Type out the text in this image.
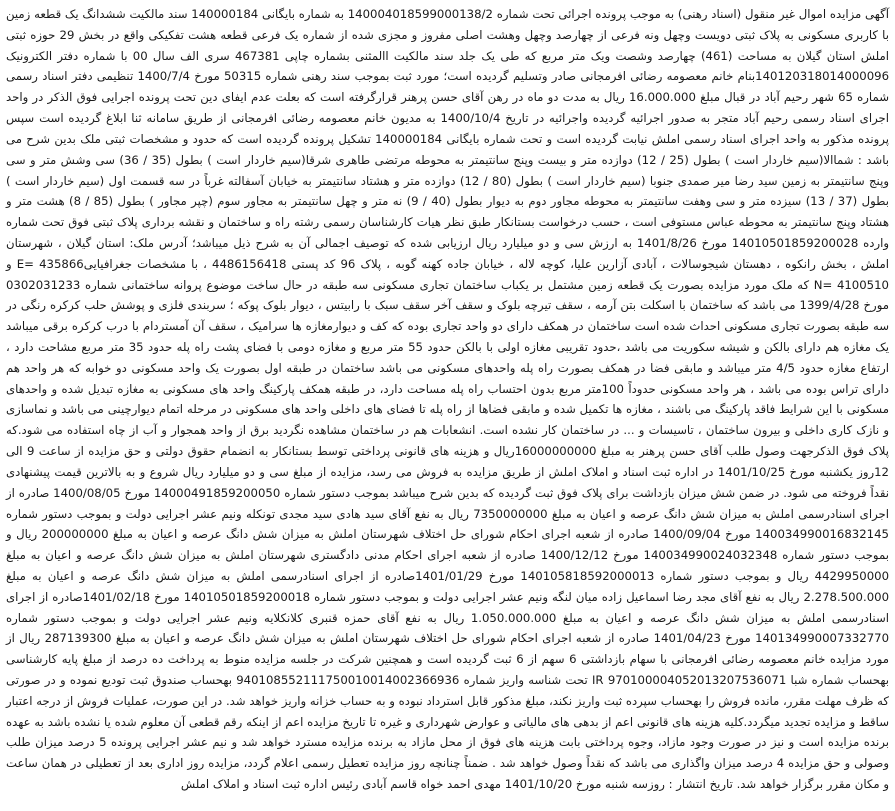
آگهی مزایده اموال غیر منقول (اسناد رهنی) به موجب پرونده اجرائی تحت شماره 140004018599000138/2 به شماره بایگانی 140000184 سند مالکیت ششدانگ یک قطعه زمین با کاربری مسکونی به پلاک ثبتی دویست وچهل ونه فرعی از چهارصد وچهل وهشت اصلی مفروز و مجزی شده از شماره یک فرعی قطعه هشت تفکیکی واقع در بخش 29 حوزه ثبتی املش استان گیلان به مساحت (461) چهارصد وشصت ویک متر مربع که طی یک جلد سند مالکیت االمثنی بشماره چاپی 467381 سری الف سال 00 با شماره دفتر الکترونیک 140120318014000096بنام خانم معصومه رضائی افرمجانی صادر وتسلیم گردیده است؛ مورد ثبت بموجب سند رهنی شماره 50315 مورخ 1400/7/4 تنظیمی دفتر اسناد رسمی شماره 65 شهر رحیم آباد در قبال مبلغ 16.000.000 ریال به مدت دو ماه در رهن آقای حسن پرهنر قرارگرفته است که بعلت عدم ایفای دین تحت پرونده اجرایی فوق الذکر در واحد اجرای اسناد رسمی رحیم آباد متجر به صدور اجرائیه گردیده واجرائیه در تاریخ 1400/10/4 به مدیون خانم معصومه رضائی افرمجانی از طریق سامانه ثنا ابلاغ گردیده است سپس پرونده مذکور به واحد اجرای اسناد رسمی املش نیابت گردیده است و تحت شماره بایگانی 140000184 تشکیل پرونده گردیده است که حدود و مشخصات ثبتی ملک بدین شرح می باشد : شماالا(سیم خاردار است ) بطول (25 / 12) دوازده متر و بیست وپنج سانتیمتر به محوطه مرتضی طاهری شرقا(سیم خاردار است ) بطول (35 / 36) سی وشش متر و سی وپنج سانتیمتر به زمین سید رضا میر صمدی جنوبا (سیم خاردار است ) بطول (80 / 12) دوازده متر و هشتاد سانتیمتر به خیابان آسفالته غرباً در سه قسمت اول (سیم خاردار است ) بطول (37 / 13) سیزده متر و سی وهفت سانتیمتر به محوطه مجاور دوم به دیوار بطول (40 / 9) نه متر و چهل سانتیمتر به مجاور سوم (چپر مجاور ) بطول (85 / 8) هشت متر و هشتاد وپنج سانتیمتر به محوطه عباس مستوفی است ، حسب درخواست بستانکار طبق نظر هیات کارشناسان رسمی رشته راه و ساختمان و نقشه برداری پلاک ثبتی فوق تحت شماره وارده 14010501859200028 مورخ 1401/8/26 به ارزش سی و دو میلیارد ریال ارزیابی شده که توصیف اجمالی آن به شرح ذیل میباشد؛ آدرس ملک: استان گیلان ، شهرستان املش ، بخش رانکوه ، دهستان شیجوسالات ، آبادی آزارین علیا، کوچه لاله ، خیابان جاده کهنه گوبه ، پلاک 96 کد پستی 4486156418 ، با مشخصات جغرافیایی435866 =E و 4100510 =N که ملک مورد مزایده بصورت یک قطعه زمین مشتمل بر یکباب ساختمان تجاری مسکونی سه طبقه در حال ساخت موضوع پروانه ساختمانی شماره 0302031233 مورخ 1399/4/28 می باشد که ساختمان با اسکلت بتن آرمه ، سقف تیرچه بلوک و سقف آخر سقف سبک با رابیتس ، دیوار بلوک پوکه ؛ سربندی فلزی و پوشش حلب کرکره رنگی در سه طبقه بصورت تجاری مسکونی احداث شده است ساختمان در همکف دارای دو واحد تجاری بوده که کف و دیوارمغازه ها سرامیک ، سقف آن آمستردام با درب کرکره برقی میباشد یک مغازه هم دارای بالکن و شیشه سکوریت می باشد ،حدود تقریبی مغازه اولی با بالکن حدود 55 متر مربع و مغازه دومی با فضای پشت راه پله حدود 35 متر مربع مشاحت دارد ، ارتفاع مغازه حدود 4/5 متر میباشد و مابقی فضا در همکف بصورت راه پله واحدهای مسکونی می باشد ساختمان در طبقه اول بصورت یک واحد مسکونی دو خوابه که هر واحد هم دارای تراس بوده می باشد ، هر واحد مسکونی حدوداً 100متر مربع بدون احتساب راه پله مساحت دارد، در طبقه همکف پارکینگ واحد های مسکونی به مغازه تبدیل شده و واحدهای مسکونی با این شرایط فاقد پارکینگ می باشند ، مغازه ها تکمیل شده و مابقی فضاها از راه پله تا فضای های داخلی واحد های مسکونی در مرحله اتمام دیوارچینی می باشد و نماسازی و نازک کاری داخلی و بیرون ساختمان ، تاسیسات و ... در ساختمان کار نشده است. انشعابات هم در ساختمان مشاهده نگردید برق از واحد همجوار و آب از چاه استفاده می شود.که پلاک فوق الذکرجهت وصول طلب آقای حسن پرهنر به مبلغ 16000000000ریال و هزینه های قانونی پرداختی توسط بستانکار به انضمام حقوق دولتی و حق مزایده از ساعت 9 الی 12روز یکشنبه مورخ 1401/10/25 در اداره ثبت اسناد و املاک املش از طریق مزایده به فروش می رسد، مزایده از مبلغ سی و دو میلیارد ریال شروع و به بالاترین قیمت پیشنهادی نقداً فروخته می شود. در ضمن شش میزان بازداشت برای پلاک فوق ثبت گردیده که بدین شرح میباشد بموجب دستور شماره 14000491859200050 مورخ 1400/08/05 صادره از اجرای اسنادرسمی املش به میزان شش دانگ عرصه و اعیان به مبلغ 7350000000 ریال به نفع آقای سید هادی سید مجدی تونکله ونیم عشر اجرایی دولت و بموجب دستور شماره 140034990016832145 مورخ 1400/09/04 صادره از شعبه اجرای احکام شورای حل اختلاف شهرستان املش به میزان شش دانگ عرصه و اعیان به مبلغ 200000000 ریال و بموجب دستور شماره 140034990024032348 مورخ 1400/12/12 صادره از شعبه اجرای احکام مدنی دادگستری شهرستان املش به میزان شش دانگ عرصه و اعیان به مبلغ 4429950000 ریال و بموجب دستور شماره 140105818592000013 مورخ 1401/01/29صادره از اجرای اسنادرسمی املش به میزان شش دانگ عرصه و اعیان به مبلغ 2.278.500.000 ریال به نفع آقای مجد رضا اسماعیل زاده میان لنگه ونیم عشر اجرایی دولت و بموجب دستور شماره 14010501859200018 مورخ 1401/02/18صادره از اجرای اسنادرسمی املش به میزان شش دانگ عرصه و اعیان به مبلغ 1.050.000.000 ریال به نفع آقای حمزه قنبری کلانکلایه ونیم عشر اجرایی دولت و بموجب دستور شماره 140134990007332770 مورخ 1401/04/23 صادره از شعبه اجرای احکام شورای حل اختلاف شهرستان املش به میزان شش دانگ عرصه و اعیان به مبلغ 287139300 ریال از مورد مزایده خانم معصومه رضائی افرمجانی با سهام بازداشتی 6 سهم از 6 ثبت گردیده است و همچنین شرکت در جلسه مزایده منوط به پرداخت ده درصد از مبلغ پایه کارشناسی بهحساب شماره شبا 970100004052013207536071 IR تحت شناسه واریز شماره 940108552111750010014002366936 بهحساب صندوق ثبت تودیع نموده و در صورتی که ظرف مهلت مقرر، مانده فروش را بهحساب سپرده ثبت واریز نکند، مبلغ مذکور قابل استرداد نبوده و به حساب خزانه واریز خواهد شد. در این صورت، عملیات فروش از درجه اعتبار ساقط و مزایده تجدید میگردد.کلیه هزینه های قانونی اعم از بدهی های مالیاتی و عوارض شهرداری و غیره تا تاریخ مزایده اعم از اینکه رقم قطعی آن معلوم شده یا نشده باشد به عهده برنده مزایده است و نیز در صورت وجود مازاد، وجوه پرداختی بابت هزینه های فوق از محل مازاد به برنده مزایده مسترد خواهد شد و نیم عشر اجرایی پرونده 5 درصد میزان طلب وصولی و حق مزایده 4 درصد میزان واگذاری می باشد که نقداً وصول خواهد شد . ضمناً چنانچه روز مزایده تعطیل رسمی اعلام گردد، مزایده روز اداری بعد از تعطیلی در همان ساعت و مکان مقرر برگزار خواهد شد. تاریخ انتشار : روزسه شنبه مورخ 1401/10/20 مهدی احمد خواه قاسم آبادی رئیس اداره ثبت اسناد و املاک املش
